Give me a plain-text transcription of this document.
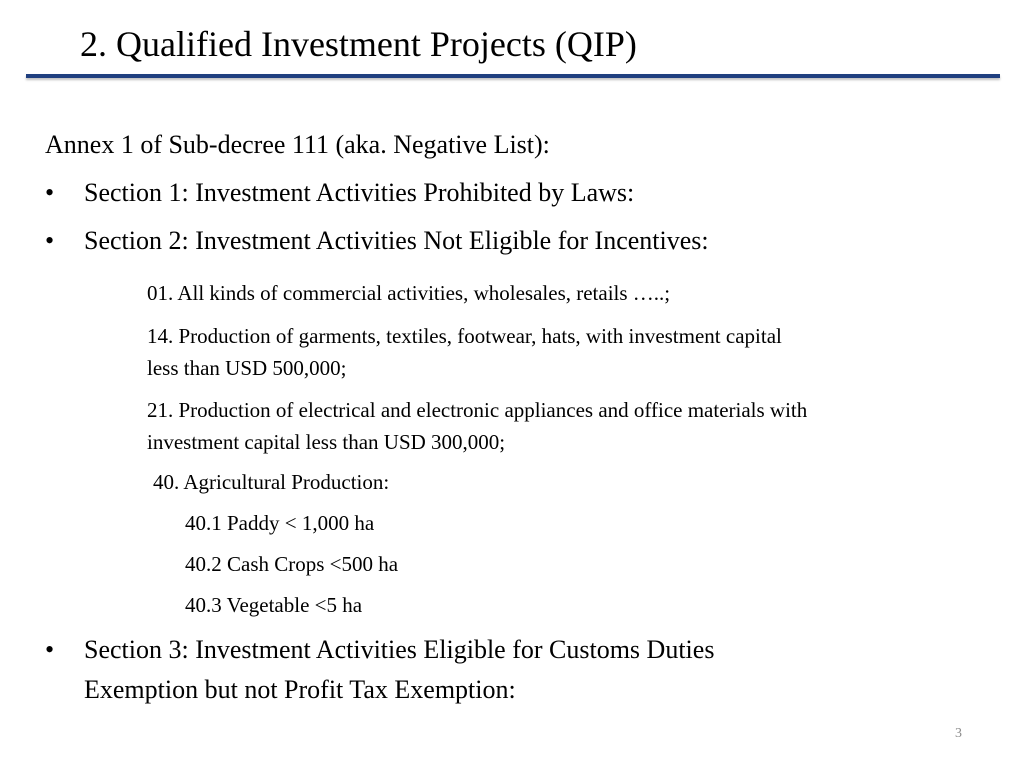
2. Qualified Investment Projects (QIP)
Annex 1 of Sub-decree 111 (aka. Negative List):
• Section 1: Investment Activities Prohibited by Laws:
• Section 2: Investment Activities Not Eligible for Incentives:
01. All kinds of commercial activities, wholesales, retails …..;
14. Production of garments, textiles, footwear, hats, with investment capital
less than USD 500,000;
21. Production of electrical and electronic appliances and office materials with
investment capital less than USD 300,000;
40. Agricultural Production:
40.1 Paddy < 1,000 ha
40.2 Cash Crops <500 ha
40.3 Vegetable <5 ha
• Section 3: Investment Activities Eligible for Customs Duties
Exemption but not Profit Tax Exemption:
3
